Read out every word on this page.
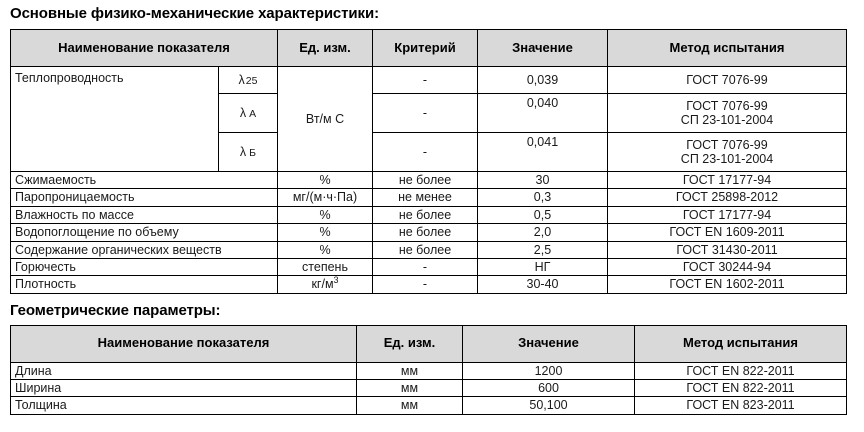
Основные физико-механические характеристики:
Наименование показателя		Ед. изм.	Критерий	Значение	Метод испытания
Теплопроводность	λ25	Вт/м С	-	0,039	ГОСТ 7076-99
	λ А		-	0,040	ГОСТ 7076-99
СП 23-101-2004

	λ Б		-	0,041	ГОСТ 7076-99
СП 23-101-2004

Сжимаемость		%	не более	30	ГОСТ 17177-94
Паропроницаемость		мг/(м·ч·Па)	не менее	0,3	ГОСТ 25898-2012
Влажность по массе		%	не более	0,5	ГОСТ 17177-94
Водопоглощение по объему		%	не более	2,0	ГОСТ EN 1609-2011
Содержание органических веществ		%	не более	2,5	ГОСТ 31430-2011
Горючесть		степень	-	НГ	ГОСТ 30244-94
Плотность		$кг/м^3$	-	30-40	ГОСТ EN 1602-2011
Геометрические параметры:
Наименование показателя	Ед. изм.	Значение	Метод испытания
Длина	мм	1200	ГОСТ EN 822-2011
Ширина	мм	600	ГОСТ EN 822-2011
Толщина	мм	50,100	ГОСТ EN 823-2011
